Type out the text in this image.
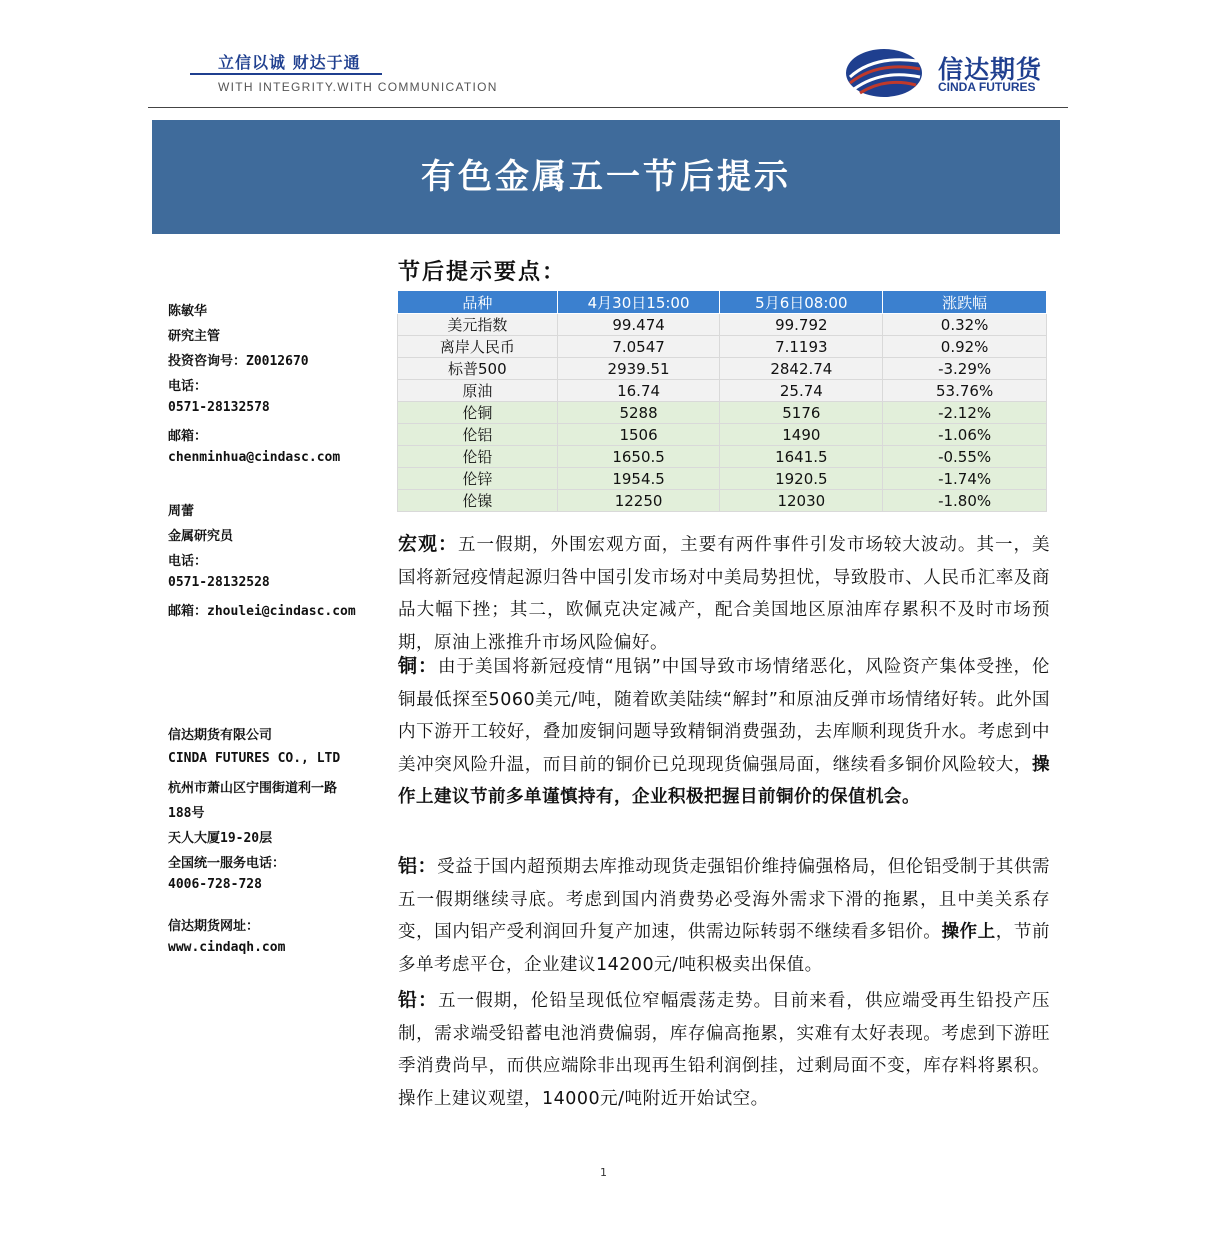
立信以诚 财达于通
WITH INTEGRITY.WITH COMMUNICATION
信达期货
CINDA FUTURES
有色金属五一节后提示
陈敏华
研究主管
投资咨询号：Z0012670
电话：
0571-28132578
邮箱：
chenminhua@cindasc.com
周蕾
金属研究员
电话：
0571-28132528
邮箱：zhoulei@cindasc.com
信达期货有限公司
CINDA FUTURES CO., LTD
杭州市萧山区宁围街道利一路
188号
天人大厦19-20层
全国统一服务电话：
4006-728-728
信达期货网址：
www.cindaqh.com
节后提示要点：
品种	4月30日15:00	5月6日08:00	涨跌幅
美元指数	99.474	99.792	0.32%
离岸人民币	7.0547	7.1193	0.92%
标普500	2939.51	2842.74	-3.29%
原油	16.74	25.74	53.76%
伦铜	5288	5176	-2.12%
伦铝	1506	1490	-1.06%
伦铅	1650.5	1641.5	-0.55%
伦锌	1954.5	1920.5	-1.74%
伦镍	12250	12030	-1.80%
宏观：五一假期，外围宏观方面，主要有两件事件引发市场较大波动。其一，美国将新冠疫情起源归咎中国引发市场对中美局势担忧，导致股市、人民币汇率及商品大幅下挫；其二，欧佩克决定减产，配合美国地区原油库存累积不及时市场预期，原油上涨推升市场风险偏好。
铜：由于美国将新冠疫情“甩锅”中国导致市场情绪恶化，风险资产集体受挫，伦铜最低探至5060美元/吨，随着欧美陆续“解封”和原油反弹市场情绪好转。此外国内下游开工较好，叠加废铜问题导致精铜消费强劲，去库顺利现货升水。考虑到中美冲突风险升温，而目前的铜价已兑现现货偏强局面，继续看多铜价风险较大，操作上建议节前多单谨慎持有，企业积极把握目前铜价的保值机会。
铝：受益于国内超预期去库推动现货走强铝价维持偏强格局，但伦铝受制于其供需五一假期继续寻底。考虑到国内消费势必受海外需求下滑的拖累，且中美关系存变，国内铝产受利润回升复产加速，供需边际转弱不继续看多铝价。操作上，节前多单考虑平仓，企业建议14200元/吨积极卖出保值。
铅：五一假期，伦铅呈现低位窄幅震荡走势。目前来看，供应端受再生铅投产压制，需求端受铅蓄电池消费偏弱，库存偏高拖累，实难有太好表现。考虑到下游旺季消费尚早，而供应端除非出现再生铅利润倒挂，过剩局面不变，库存料将累积。操作上建议观望，14000元/吨附近开始试空。
1
